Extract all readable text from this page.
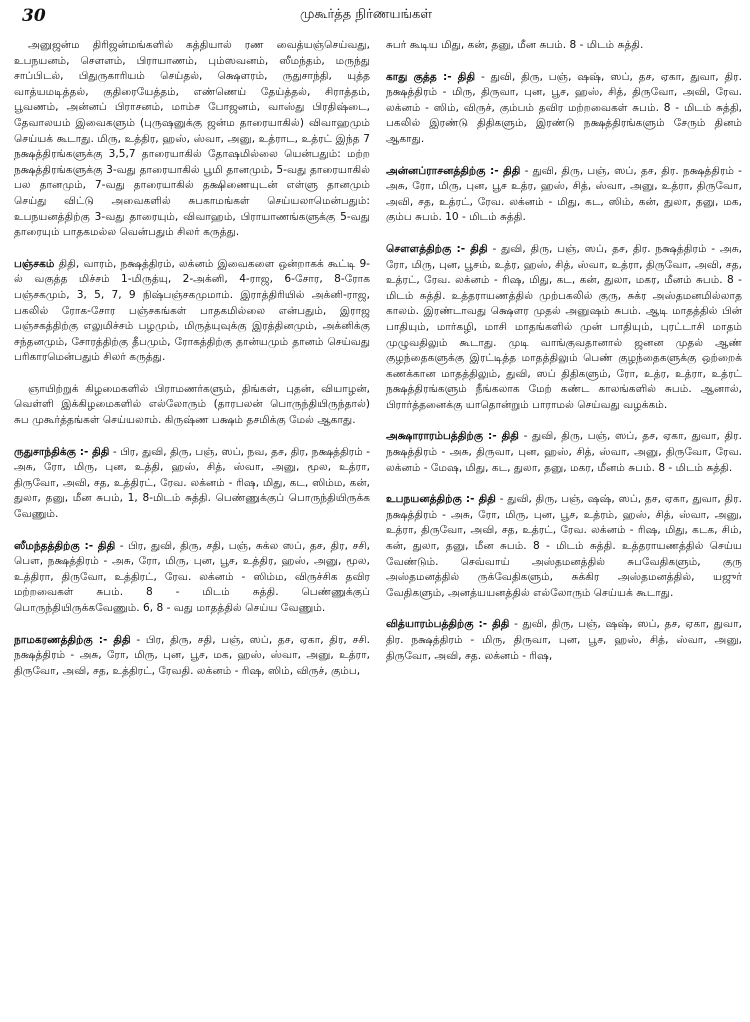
30	முகூர்த்த நிர்ணயங்கள்

அனுஜன்ம திரிஜன்மங்களில் கத்தியால் ரண வைத்யஞ்செய்வது, உபநயனம், சௌளம், பிராயாணம், பும்ஸவனம், ஸீமந்தம், மருந்து சாப்பிடல், பிதுருகாரியம் செய்தல், க்ஷௌரம், ருதுசாந்தி, யுத்த வாத்யமடித்தல், குதிரையேத்தம், எண்ணெய் தேய்த்தல், சிராத்தம், பூவணம், அன்னப் பிராசனம், மாம்ச போஜனம், வாஸ்து பிரதிஷ்டை, தேவாலயம் இவைகளும் (புருஷனுக்கு ஜன்ம தாரையாகில்) விவாஹமும் செய்யக் கூடாது. மிரு, உத்திர, ஹஸ், ஸ்வா, அனு, உத்ராட, உத்ரட் இந்த 7 நக்ஷத்திரங்களுக்கு 3,5,7 தாரையாகில் தோஷமில்லை யென்பதும்: மற்ற நக்ஷத்திரங்களுக்கு 3-வது தாரையாகில் பூமி தானமும், 5-வது தாரையாகில் பல தானமும், 7-வது தாரையாகில் தக்ஷிணையுடன் எள்ளு தானமும் செய்து விட்டு அவைகளில் சுபகாமங்கள் செய்யலாமென்பதும்: உபநயனத்திற்கு 3-வது தாரையும், விவாஹம், பிராயாணங்களுக்கு 5-வது தாரையும் பாதகமல்ல வென்பதும் சிலர் கருத்து.

பஞ்சகம் திதி, வாரம், நக்ஷத்திரம், லக்னம் இவைகளை ஒன்றாகக் கூட்டி 9-ல் வகுத்த மிச்சம் 1-மிருத்யு, 2-அக்னி, 4-ராஜ, 6-சோர, 8-ரோக பஞ்சகமும், 3, 5, 7, 9 நிஷ்பஞ்சகமுமாம். இராத்திரியில் அக்னி-ராஜ, பகலில் ரோக-சோர பஞ்சகங்கள் பாதகமில்லை என்பதும், இராஜ பஞ்சகத்திற்கு எலுமிச்சம் பழமும், மிருத்யுவுக்கு இரத்தினமும், அக்னிக்கு சந்தனமும், சோரத்திற்கு தீபமும், ரோகத்திற்கு தான்யமும் தானம் செய்வது பரிகாரமென்பதும் சிலர் கருத்து.

ஞாயிற்றுக் கிழமைகளில் பிராமணர்களும், திங்கள், புதன், வியாழன், வெள்ளி இக்கிழமைகளில் எல்லோரும் (தாரபலன் பொருந்தியிருந்தால்) சுப முகூர்த்தங்கள் செய்யலாம். கிருஷ்ண பக்ஷம் தசமிக்கு மேல் ஆகாது.

ருதுசாந்திக்கு :- திதி - பிர, துவி, திரு, பஞ், ஸப், நவ, தச, திர, நக்ஷத்திரம் - அசு, ரோ, மிரு, புன, உத்தி, ஹஸ், சித், ஸ்வா, அனு, மூல, உத்ரா, திருவோ, அவி, சத, உத்திரட், ரேவ. லக்னம் - ரிஷ, மிது, கட, ஸிம்ம, கன், துலா, தனு, மீன சுபம், 1, 8-மிடம் சுத்தி. பெண்ணுக்குப் பொருந்தியிருக்க வேணும்.

ஸீமந்தத்திற்கு :- திதி - பிர, துவி, திரு, சதி, பஞ், சுக்ல ஸப், தச, திர, சசி, பௌ, நக்ஷத்திரம் - அசு, ரோ, மிரு, புன, பூச, உத்திர, ஹஸ், அனு, மூல, உத்திரா, திருவோ, உத்திரட், ரேவ. லக்னம் - ஸிம்ம, விருச்சிக தவிர மற்றவைகள் சுபம். 8 - மிடம் சுத்தி. பெண்ணுக்குப் பொருந்தியிருக்கவேணும். 6, 8 - வது மாதத்தில் செய்ய வேணும்.

நாமகரணத்திற்கு :- திதி - பிர, திரு, சதி, பஞ், ஸப், தச, ஏகா, திர, சசி. நக்ஷத்திரம் - அசு, ரோ, மிரு, புன, பூச, மக, ஹஸ், ஸ்வா, அனு, உத்ரா, திருவோ, அவி, சத, உத்திரட், ரேவதி. லக்னம் - ரிஷ, ஸிம், விருச், கும்ப,

சுபர் கூடிய மிது, கன், தனு, மீன சுபம். 8 - மிடம் சுத்தி.

காது குத்த :- திதி - துவி, திரு, பஞ், ஷஷ், ஸப், தச, ஏகா, துவா, திர. நக்ஷத்திரம் - மிரு, திருவா, புன, பூச, ஹஸ், சித், திருவோ, அவி, ரேவ. லக்னம் - ஸிம், விருச், கும்பம் தவிர மற்றவைகள் சுபம். 8 - மிடம் சுத்தி, பகலில் இரண்டு திதிகளும், இரண்டு நக்ஷத்திரங்களும் சேரும் தினம் ஆகாது.

அன்னப்ராசனத்திற்கு :- திதி - துவி, திரு, பஞ், ஸப், தச, திர. நக்ஷத்திரம் - அசு, ரோ, மிரு, புன, பூச உத்ர, ஹஸ், சித், ஸ்வா, அனு, உத்ரா, திருவோ, அவி, சத, உத்ரட், ரேவ. லக்னம் - மிது, கட, ஸிம், கன், துலா, தனு, மக, கும்ப சுபம். 10 - மிடம் சுத்தி.

சௌளத்திற்கு :- திதி - துவி, திரு, பஞ், ஸப், தச, திர. நக்ஷத்திரம் - அசு, ரோ, மிரு, புன, பூசம், உத்ர, ஹஸ், சித், ஸ்வா, உத்ரா, திருவோ, அவி, சத, உத்ரட், ரேவ. லக்னம் - ரிஷ, மிது, கட, கன், துலா, மகர, மீனம் சுபம். 8 - மிடம் சுத்தி. உத்தராயணத்தில் முற்பகலில் குரு, சுக்ர அஸ்தமனமில்லாத காலம். இரண்டாவது க்ஷௌர முதல் அனுஷம் சுபம். ஆடி மாதத்தில் பின் பாதியும், மார்கழி, மாசி மாதங்களில் முன் பாதியும், புரட்டாசி மாதம் முழுவதிலும் கூடாது. முடி வாங்குவதானால் ஜனன முதல் ஆண் குழந்தைகளுக்கு இரட்டித்த மாதத்திலும் பெண் குழந்தைகளுக்கு ஒற்றைக் கணக்கான மாதத்திலும், துவி, ஸப் திதிகளும், ரோ, உத்ர, உத்ரா, உத்ரட் நக்ஷத்திரங்களும் நீங்கலாக மேற் கண்ட காலங்களில் சுபம். ஆனால், பிரார்த்தனைக்கு யாதொன்றும் பாராமல் செய்வது வழக்கம்.

அக்ஷாராரம்பத்திற்கு :- திதி - துவி, திரு, பஞ், ஸப், தச, ஏகா, துவா, திர. நக்ஷத்திரம் - அசு, திருவா, புன, ஹஸ், சித், ஸ்வா, அனு, திருவோ, ரேவ. லக்னம் - மேஷ, மிது, கட, துலா, தனு, மகர, மீனம் சுபம். 8 - மிடம் சுத்தி.

உபநயனத்திற்கு :- திதி - துவி, திரு, பஞ், ஷஷ், ஸப், தச, ஏகா, துவா, திர. நக்ஷத்திரம் - அசு, ரோ, மிரு, புன, பூச, உத்ரம், ஹஸ், சித், ஸ்வா, அனு, உத்ரா, திருவோ, அவி, சத, உத்ரட், ரேவ. லக்னம் - ரிஷ, மிது, கடக, சிம், கன், துலா, தனு, மீன சுபம். 8 - மிடம் சுத்தி. உத்தராயணத்தில் செய்ய வேண்டும். செவ்வாய் அஸ்தமனத்தில் சுபவேதிகளும், குரு அஸ்தமனத்தில் ருக்வேதிகளும், சுக்கிர அஸ்தமனத்தில், யஜுர் வேதிகளும், அனத்யயனத்தில் எல்லோரும் செய்யக் கூடாது.

வித்யாரம்பத்திற்கு :- திதி - துவி, திரு, பஞ், ஷஷ், ஸப், தச, ஏகா, துவா, திர. நக்ஷத்திரம் - மிரு, திருவா, புன, பூச, ஹஸ், சித், ஸ்வா, அனு, திருவோ, அவி, சத. லக்னம் - ரிஷ,
